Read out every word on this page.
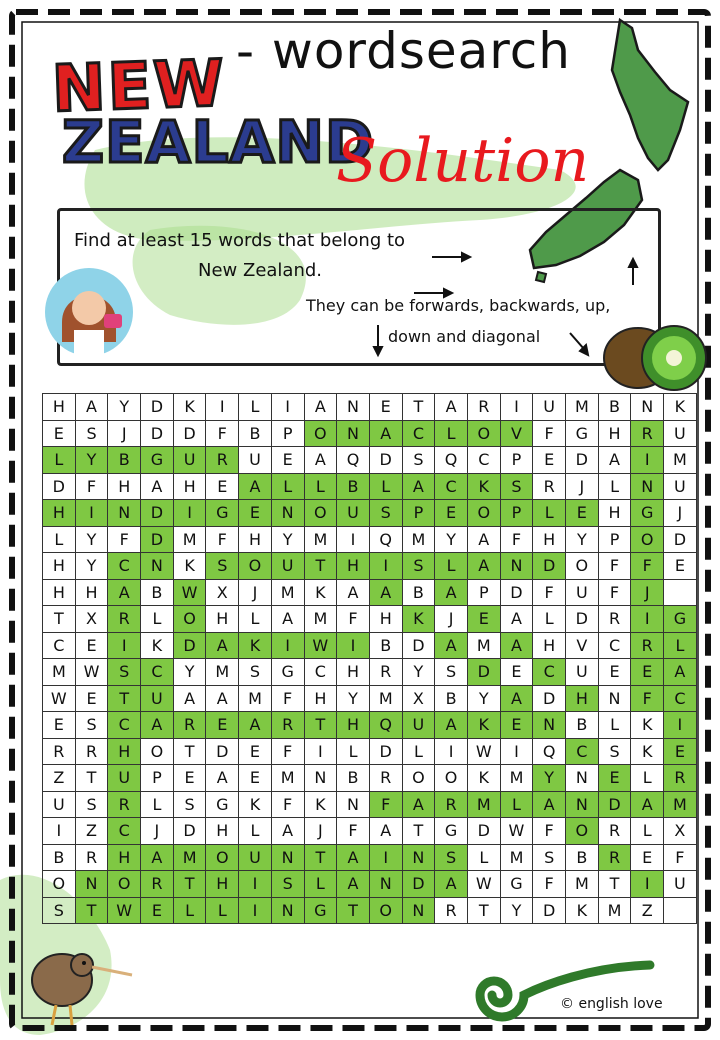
NEW
ZEALAND
- wordsearch
Solution
Find at least 15 words that belong to
New Zealand.
They can be forwards, backwards, up,
down and diagonal
H	A	Y	D	K	I	L	I	A	N	E	T	A	R	I	U	M	B	N	K
E	S	J	D	D	F	B	P	O	N	A	C	L	O	V	F	G	H	R	U
L	Y	B	G	U	R	U	E	A	Q	D	S	Q	C	P	E	D	A	I	M
D	F	H	A	H	E	A	L	L	B	L	A	C	K	S	R	J	L	N	U
H	I	N	D	I	G	E	N	O	U	S	P	E	O	P	L	E	H	G	J
L	Y	F	D	M	F	H	Y	M	I	Q	M	Y	A	F	H	Y	P	O	D
H	Y	C	N	K	S	O	U	T	H	I	S	L	A	N	D	O	F	F	E
H	H	A	B	W	X	J	M	K	A	A	B	A	P	D	F	U	F	J	
T	X	R	L	O	H	L	A	M	F	H	K	J	E	A	L	D	R	I	G
C	E	I	K	D	A	K	I	W	I	B	D	A	M	A	H	V	C	R	L
M	W	S	C	Y	M	S	G	C	H	R	Y	S	D	E	C	U	E	E	A
W	E	T	U	A	A	M	F	H	Y	M	X	B	Y	A	D	H	N	F	C
E	S	C	A	R	E	A	R	T	H	Q	U	A	K	E	N	B	L	K	I
R	R	H	O	T	D	E	F	I	L	D	L	I	W	I	Q	C	S	K	E
Z	T	U	P	E	A	E	M	N	B	R	O	O	K	M	Y	N	E	L	R
U	S	R	L	S	G	K	F	K	N	F	A	R	M	L	A	N	D	A	M
I	Z	C	J	D	H	L	A	J	F	A	T	G	D	W	F	O	R	L	X
B	R	H	A	M	O	U	N	T	A	I	N	S	L	M	S	B	R	E	F
O	N	O	R	T	H	I	S	L	A	N	D	A	W	G	F	M	T	I	U
S	T	W	E	L	L	I	N	G	T	O	N	R	T	Y	D	K	M	Z	
© english love
